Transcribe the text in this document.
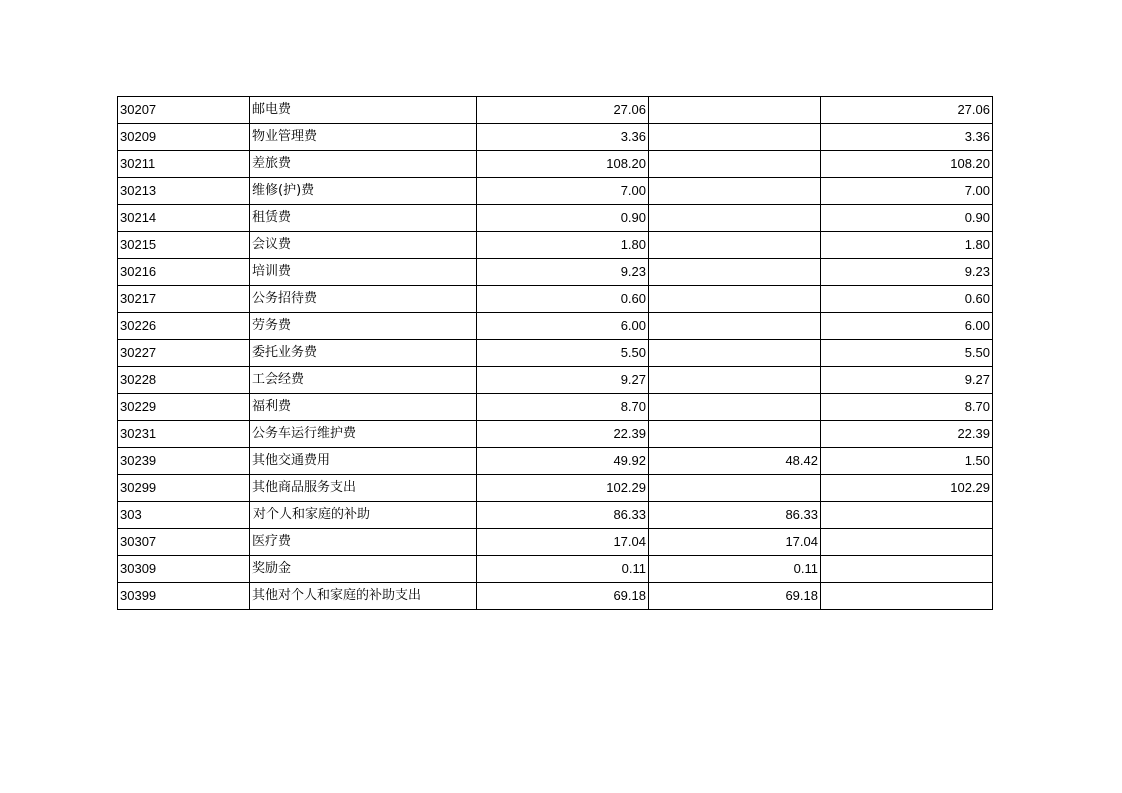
30207	邮电费	27.06		27.06
30209	物业管理费	3.36		3.36
30211	差旅费	108.20		108.20
30213	维修(护)费	7.00		7.00
30214	租赁费	0.90		0.90
30215	会议费	1.80		1.80
30216	培训费	9.23		9.23
30217	公务招待费	0.60		0.60
30226	劳务费	6.00		6.00
30227	委托业务费	5.50		5.50
30228	工会经费	9.27		9.27
30229	福利费	8.70		8.70
30231	公务车运行维护费	22.39		22.39
30239	其他交通费用	49.92	48.42	1.50
30299	其他商品服务支出	102.29		102.29
303	对个人和家庭的补助	86.33	86.33	
30307	医疗费	17.04	17.04	
30309	奖励金	0.11	0.11	
30399	其他对个人和家庭的补助支出	69.18	69.18	
